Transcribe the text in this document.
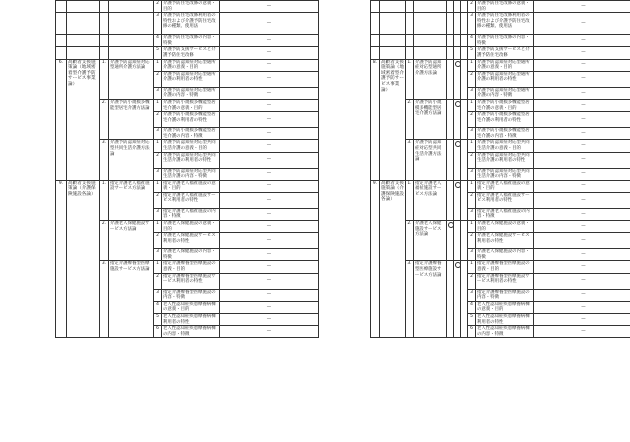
				2	介護予防住宅改修の意義・目的	—
				3	介護予防住宅改修利用者の特性および介護予防住宅改修の種類、使用法	—
				4	介護予防住宅改修の内容・特徴	—
				5	介護予防支援サービスと介護予防住宅改修	—
6.	高齢者支援施策論（地域密着型介護予防サービス事業論）	1.	介護予防認知症対応型通所介護方法論	1	介護予防認知症対応型通所介護の意義・目的	—
				2	介護予防認知症対応型通所介護の利用者の特性	—
				3	介護予防認知症対応型通所介護の内容・特徴	—
		2.	介護予防小規模多機能型居宅介護方法論	1	介護予防小規模多機能型居宅介護の意義・目的	—
				2	介護予防小規模多機能型居宅介護の利用者の特性	—
				3	介護予防小規模多機能型居宅介護の内容・特徴	—
		3.	介護予防認知症対応型共同生活介護方法論	1	介護予防認知症対応型共同生活介護の意義・目的	—
				2	介護予防認知症対応型共同生活介護の利用者の特性	—
				3	介護予防認知症対応型共同生活介護の内容・特徴	—
9.	高齢者支援施策論（介護保険施設各論）	1.	指定介護老人福祉施設サービス方法論	1	指定介護老人福祉施設の意義・目的	—
				2	指定介護老人福祉施設サービス利用者の特性	—
				3	指定介護老人福祉施設の内容・特徴	—
		2.	介護老人保健施設サービス方法論	1	介護老人保健施設の意義・目的	—
				2	介護老人保健施設サービス利用者の特性	—
				3	介護老人保健施設の内容・特徴	—
		3.	指定介護療養型医療施設サービス方法論	1	指定介護療養型医療施設の意義・目的	—
				2	指定介護療養型医療施設サービス利用者の特性	—
				3	指定介護療養型医療施設の内容・特徴	—
				4	老人性認知症疾患療養病棟の意義・目的	—
				5	老人性認知症疾患療養病棟利用者の特性	—
				6	老人性認知症疾患療養病棟の内容・特徴	—
							2	介護予防住宅改修の意義・目的	—
							3	介護予防住宅改修利用者の特性および介護予防住宅改修の種類、使用法	—
							4	介護予防住宅改修の内容・特徴	—
							5	介護予防支援サービスと介護予防住宅改修	—
8.	高齢者支援施策論（地域密着型介護予防サービス事業論）	1.	介護予防認知症対応型通所介護方法論				1	介護予防認知症対応型通所介護の意義・目的	—
							2	介護予防認知症対応型通所介護の利用者の特性	—
							3	介護予防認知症対応型通所介護の内容・特徴	—
		2.	介護予防小規模多機能型居宅介護方法論				1	介護予防小規模多機能型居宅介護の意義・目的	—
							2	介護予防小規模多機能型居宅介護の利用者の特性	—
							3	介護予防小規模多機能型居宅介護の内容・特徴	—
		3.	介護予防認知症対応型共同生活介護方法論				1	介護予防認知症対応型共同生活介護の意義・目的	—
							2	介護予防認知症対応型共同生活介護の利用者の特性	—
							3	介護予防認知症対応型共同生活介護の内容・特徴	—
9.	高齢者支援施策論（介護保険施設各論）	1.	指定介護老人福祉施設サービス方法論				1	指定介護老人福祉施設の意義・目的	—
							2	指定介護老人福祉施設サービス利用者の特性	—
							3	指定介護老人福祉施設の内容・特徴	—
		2.	介護老人保健施設サービス方法論				1	介護老人保健施設の意義・目的	—
							2	介護老人保健施設サービス利用者の特性	—
							3	介護老人保健施設の内容・特徴	—
		3.	指定介護療養型医療施設サービス方法論				1	指定介護療養型医療施設の意義・目的	—
							2	指定介護療養型医療施設サービス利用者の特性	—
							3	指定介護療養型医療施設の内容・特徴	—
							4	老人性認知症疾患療養病棟の意義・目的	—
							5	老人性認知症疾患療養病棟利用者の特性	—
							6	老人性認知症疾患療養病棟の内容・特徴	—
